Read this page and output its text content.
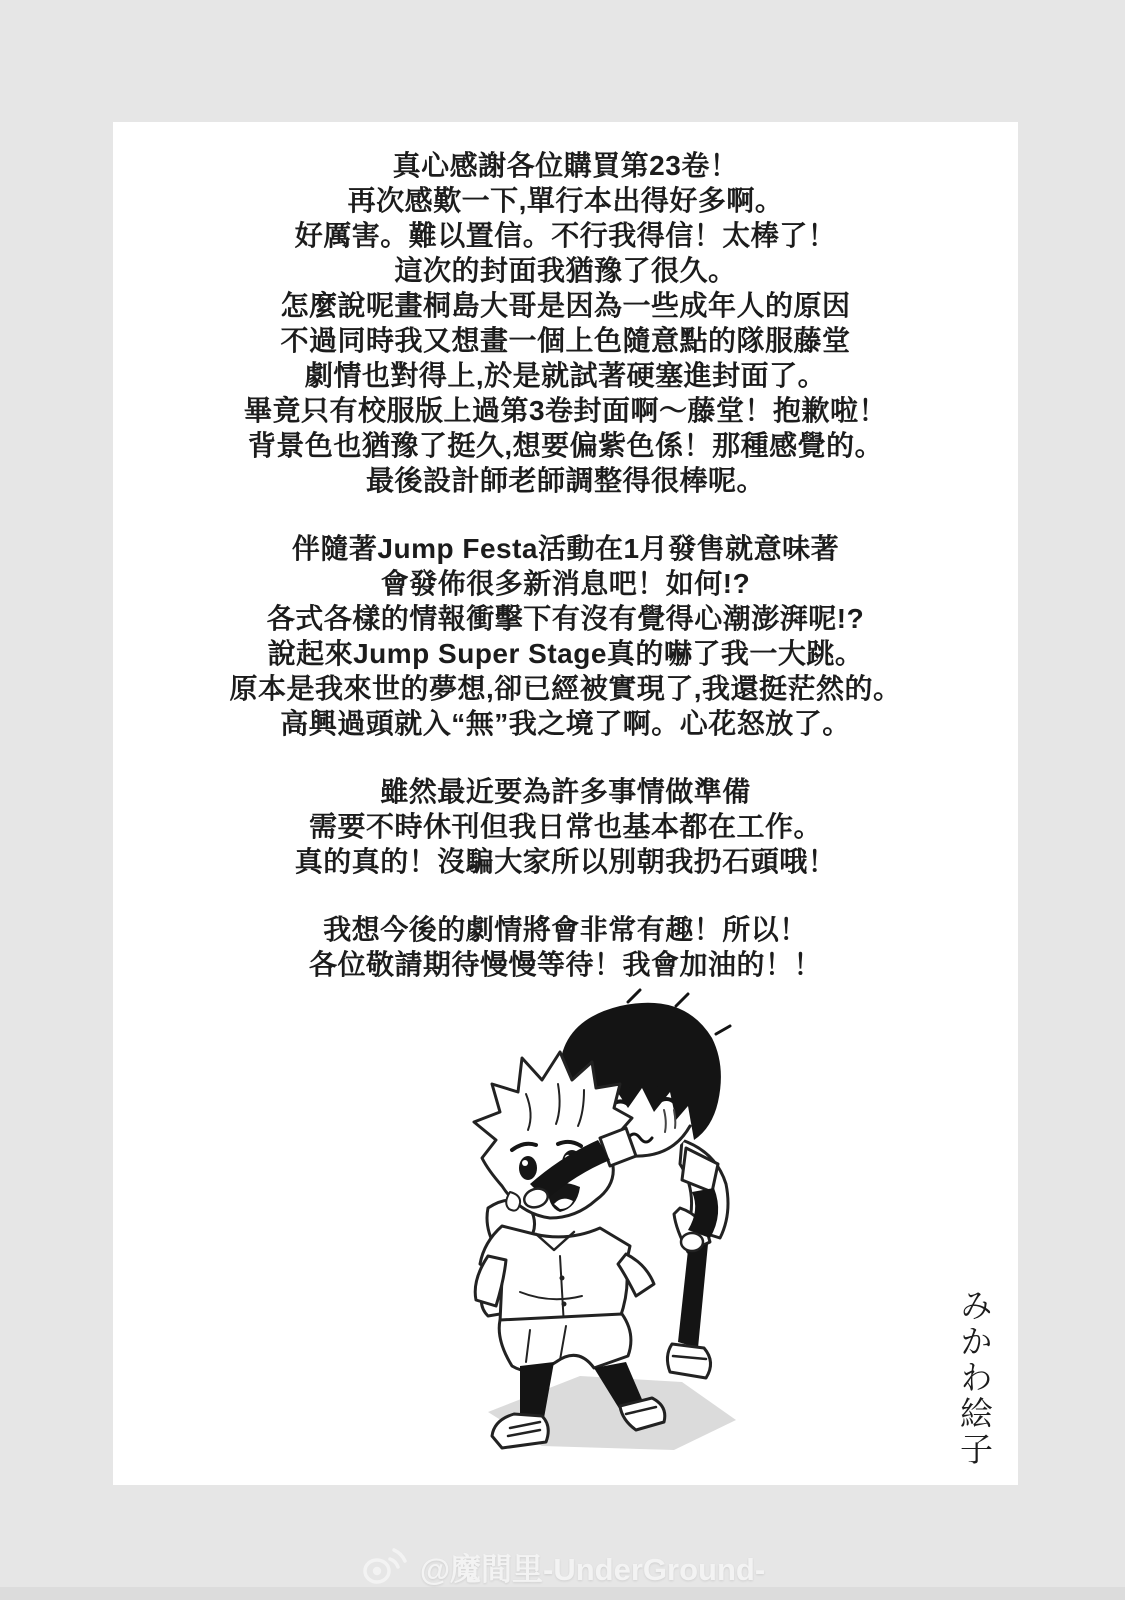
真心感謝各位購買第23卷！
再次感歎一下,單行本出得好多啊。
好厲害。難以置信。不行我得信！太棒了！
這次的封面我猶豫了很久。
怎麼說呢畫桐島大哥是因為一些成年人的原因
不過同時我又想畫一個上色隨意點的隊服藤堂
劇情也對得上,於是就試著硬塞進封面了。
畢竟只有校服版上過第3卷封面啊～藤堂！抱歉啦！
背景色也猶豫了挺久,想要偏紫色係！那種感覺的。
最後設計師老師調整得很棒呢。
伴隨著Jump Festa活動在1月發售就意味著
會發佈很多新消息吧！如何!?
各式各樣的情報衝擊下有沒有覺得心潮澎湃呢!?
說起來Jump Super Stage真的嚇了我一大跳。
原本是我來世的夢想,卻已經被實現了,我還挺茫然的。
高興過頭就入“無”我之境了啊。心花怒放了。
雖然最近要為許多事情做準備
需要不時休刊但我日常也基本都在工作。
真的真的！沒騙大家所以別朝我扔石頭哦！
我想今後的劇情將會非常有趣！所以！
各位敬請期待慢慢等待！我會加油的！！
みかわ絵子
@魔間里-UnderGround-
